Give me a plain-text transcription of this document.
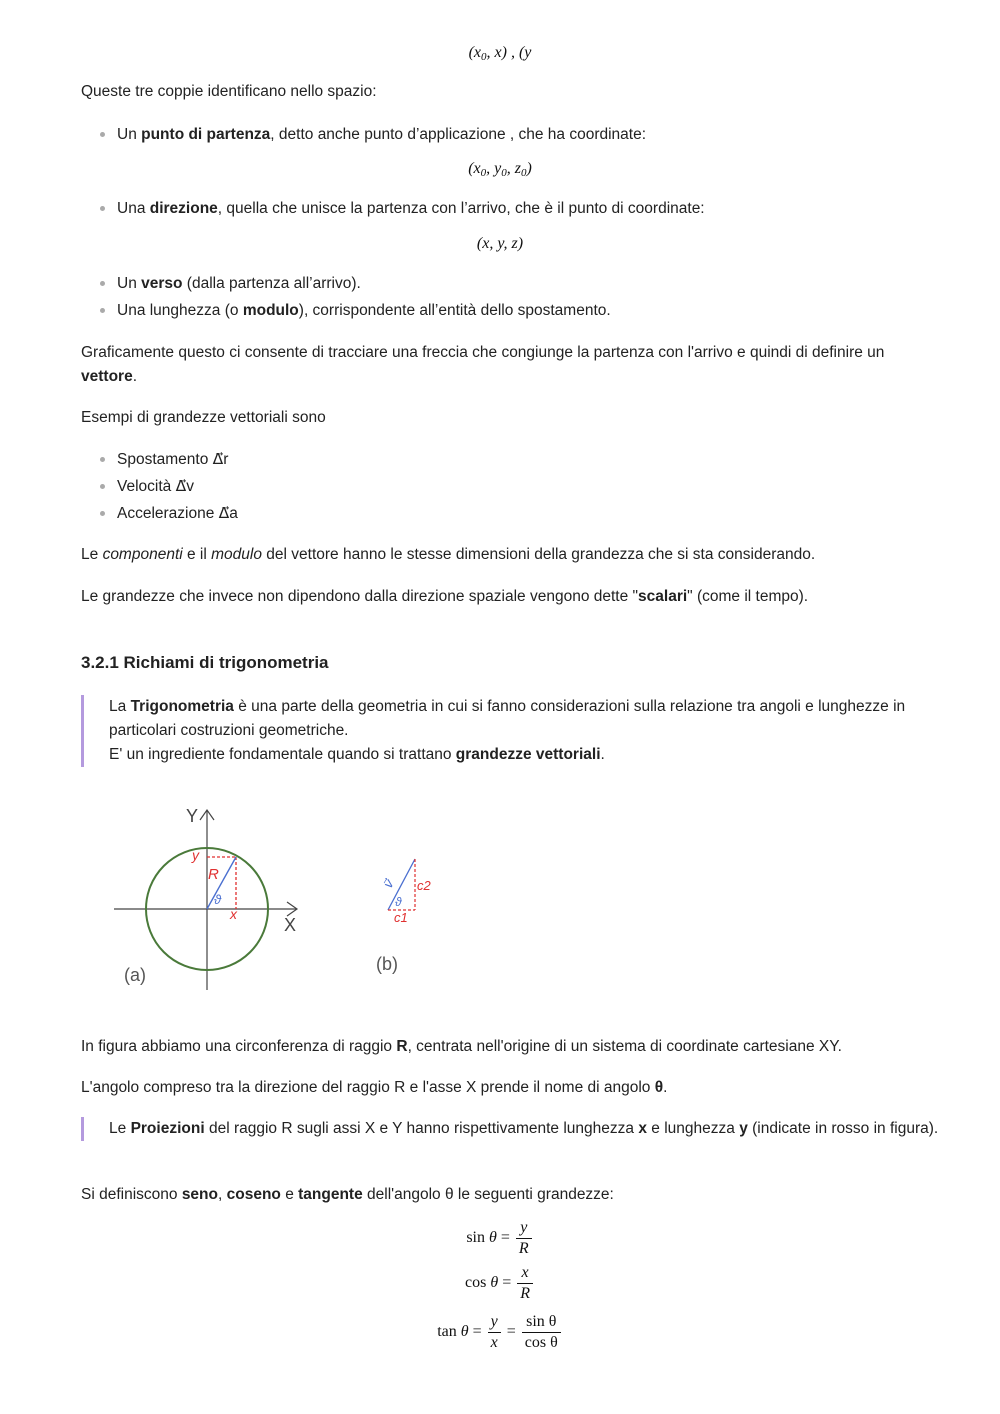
($x_0$, x) , (y

Queste tre coppie identificano nello spazio:

Un punto di partenza, detto anche punto d’applicazione , che ha coordinate:
($x_0$, $y_0$, $z_0$)
Una direzione, quella che unisce la partenza con l’arrivo, che è il punto di coordinate:
(x, y, z)
Un verso (dalla partenza all’arrivo).
Una lunghezza (o modulo), corrispondente all’entità dello spostamento.

Graficamente questo ci consente di tracciare una freccia che congiunge la partenza con l'arrivo e quindi di definire un vettore.

Esempi di grandezze vettoriali sono

Spostamento Δ⃗r
Velocità Δ⃗v
Accelerazione Δ⃗a

Le componenti e il modulo del vettore hanno le stesse dimensioni della grandezza che si sta considerando.

Le grandezze che invece non dipendono dalla direzione spaziale vengono dette "scalari" (come il tempo).

3.2.1 Richiami di trigonometria
La Trigonometria è una parte della geometria in cui si fanno considerazioni sulla relazione tra angoli e lunghezze in particolari costruzioni geometriche.
E' un ingrediente fondamentale quando si trattano grandezze vettoriali.
Y
X
y
R
ϑ
x
(a)
v⃗
ϑ
c2
c1
(b)

In figura abbiamo una circonferenza di raggio R, centrata nell'origine di un sistema di coordinate cartesiane XY.

L'angolo compreso tra la direzione del raggio R e l'asse X prende il nome di angolo θ.

Le Proiezioni del raggio R sugli assi X e Y hanno rispettivamente lunghezza x e lunghezza y (indicate in rosso in figura).

Si definiscono seno, coseno e tangente dell'angolo θ le seguenti grandezze:

$\sin \theta = \frac{y}{R}$
$\cos \theta = \frac{x}{R}$
$\tan \theta = \frac{y}{x} = \frac{\text{sin θ}}{\text{cos θ}}$
